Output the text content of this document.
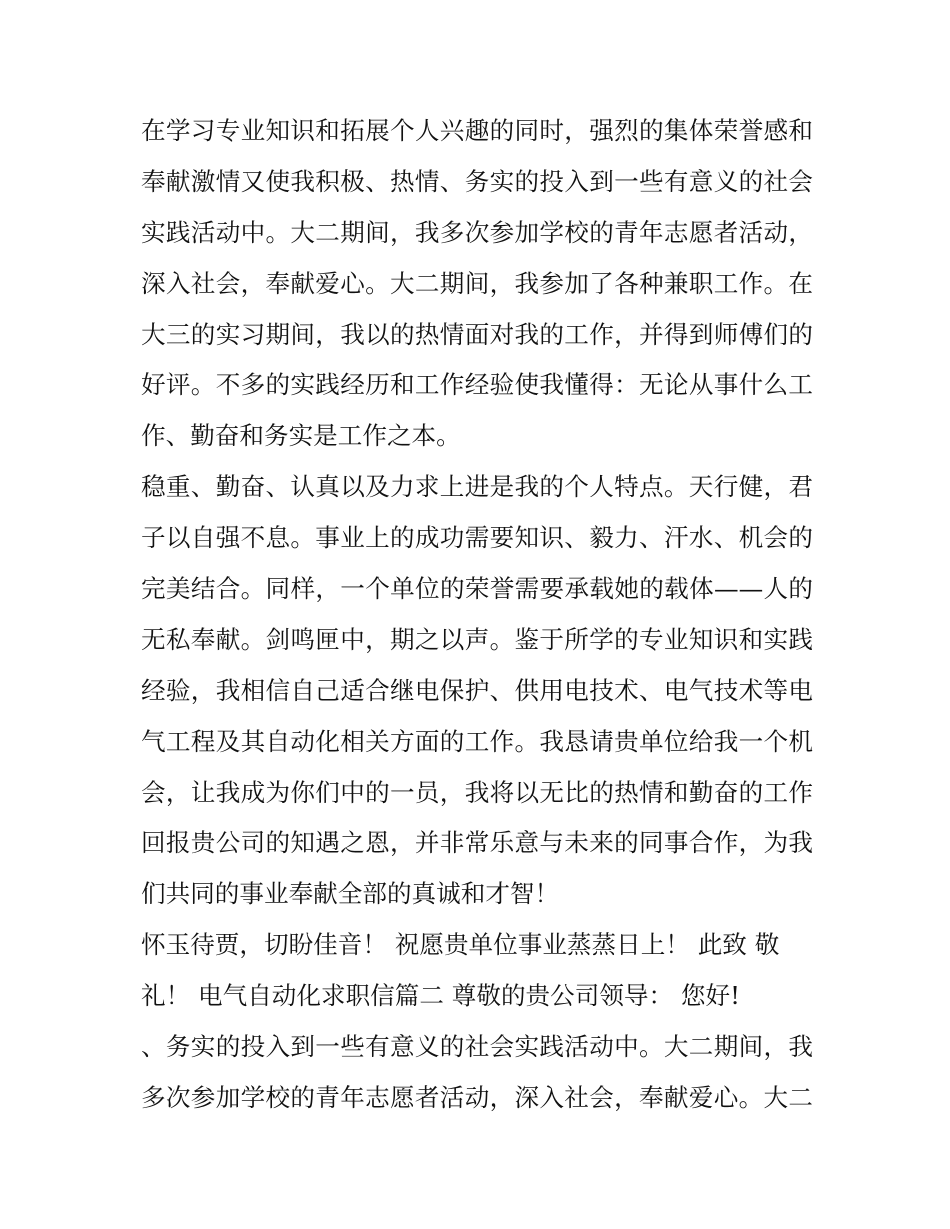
在学习专业知识和拓展个人兴趣的同时，强烈的集体荣誉感和
奉献激情又使我积极、热情、务实的投入到一些有意义的社会
实践活动中。大二期间，我多次参加学校的青年志愿者活动，
深入社会，奉献爱心。大二期间，我参加了各种兼职工作。在
大三的实习期间，我以的热情面对我的工作，并得到师傅们的
好评。不多的实践经历和工作经验使我懂得：无论从事什么工
作、勤奋和务实是工作之本。
稳重、勤奋、认真以及力求上进是我的个人特点。天行健，君
子以自强不息。事业上的成功需要知识、毅力、汗水、机会的
完美结合。同样，一个单位的荣誉需要承载她的载体——人的
无私奉献。剑鸣匣中，期之以声。鉴于所学的专业知识和实践
经验，我相信自己适合继电保护、供用电技术、电气技术等电
气工程及其自动化相关方面的工作。我恳请贵单位给我一个机
会，让我成为你们中的一员，我将以无比的热情和勤奋的工作
回报贵公司的知遇之恩，并非常乐意与未来的同事合作，为我
们共同的事业奉献全部的真诚和才智！
怀玉待贾，切盼佳音！ 祝愿贵单位事业蒸蒸日上！ 此致 敬
礼！ 电气自动化求职信篇二 尊敬的贵公司领导： 您好!
、务实的投入到一些有意义的社会实践活动中。大二期间，我
多次参加学校的青年志愿者活动，深入社会，奉献爱心。大二
